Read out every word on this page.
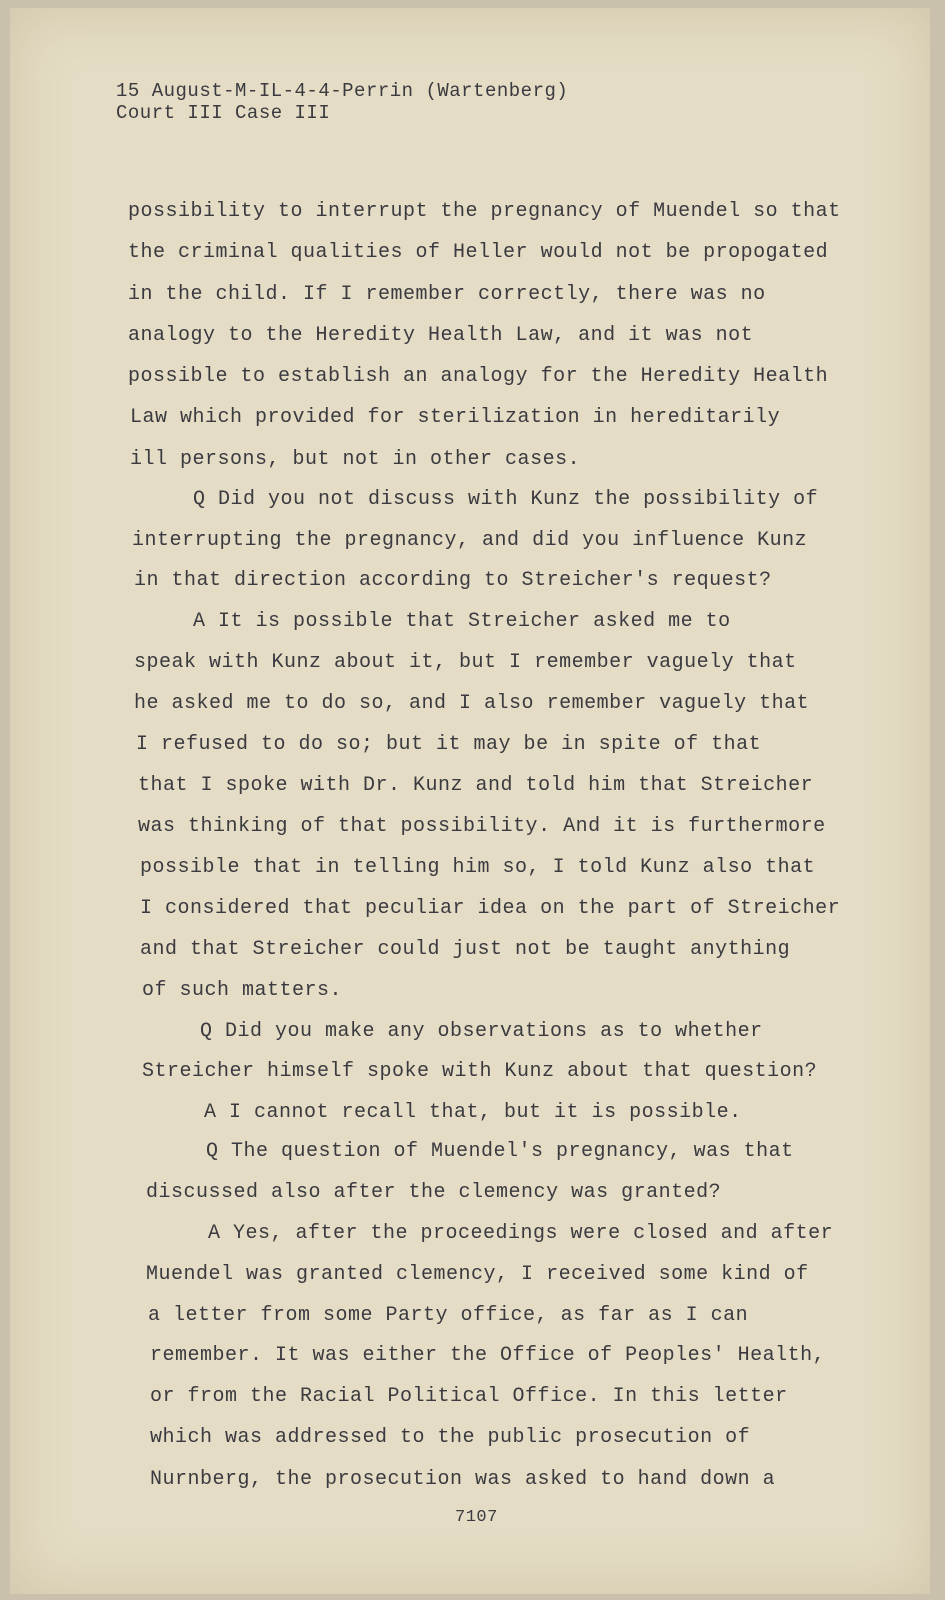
15 August-M-IL-4-4-Perrin (Wartenberg)
Court III Case III
possibility to interrupt the pregnancy of Muendel so that
the criminal qualities of Heller would not be propogated
in the child. If I remember correctly, there was no
analogy to the Heredity Health Law, and it was not
possible to establish an analogy for the Heredity Health
Law which provided for sterilization in hereditarily
ill persons, but not in other cases.
Q Did you not discuss with Kunz the possibility of
interrupting the pregnancy, and did you influence Kunz
in that direction according to Streicher's request?
A It is possible that Streicher asked me to
speak with Kunz about it, but I remember vaguely that
he asked me to do so, and I also remember vaguely that
I refused to do so; but it may be in spite of that
that I spoke with Dr. Kunz and told him that Streicher
was thinking of that possibility. And it is furthermore
possible that in telling him so, I told Kunz also that
I considered that peculiar idea on the part of Streicher
and that Streicher could just not be taught anything
of such matters.
Q Did you make any observations as to whether
Streicher himself spoke with Kunz about that question?
A I cannot recall that, but it is possible.
Q The question of Muendel's pregnancy, was that
discussed also after the clemency was granted?
A Yes, after the proceedings were closed and after
Muendel was granted clemency, I received some kind of
a letter from some Party office, as far as I can
remember. It was either the Office of Peoples' Health,
or from the Racial Political Office. In this letter
which was addressed to the public prosecution of
Nurnberg, the prosecution was asked to hand down a
7107
